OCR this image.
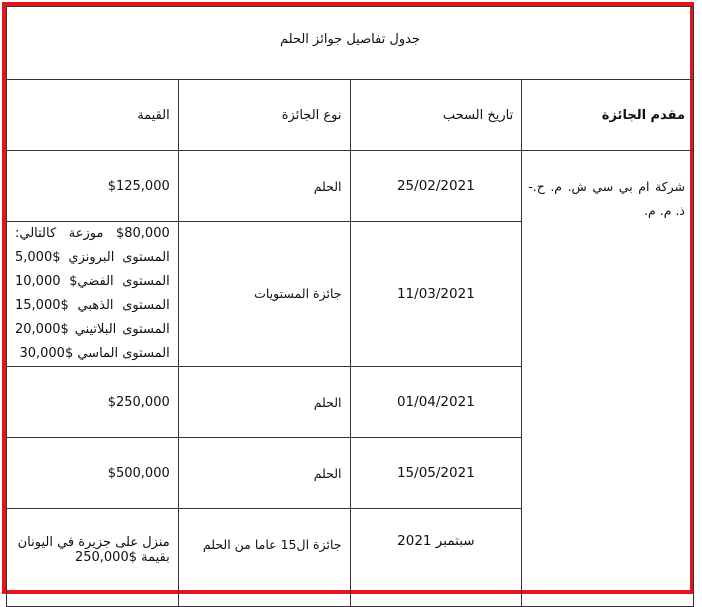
جدول تفاصيل جوائز الحلم			
مقدم الجائزة	تاريخ السحب	نوع الجائزة	القيمة
شركة ام بي سي ش. م. ح.- ذ. م. م.	25/02/2021	الحلم	$125,000
	11/03/2021	جائزة المستويات	$80,000 موزعة كالتالي: المستوى البرونزي $5,000 المستوى الفضي$ 10,000 المستوى الذهبي $15,000 المستوى البلاتيني $20,000 المستوى الماسي $30,000
	01/04/2021	الحلم	$250,000
	15/05/2021	الحلم	$500,000
	سبتمبر 2021	جائزة ال15 عاما من الحلم	منزل على جزيرة في اليونان بقيمة $250,000
